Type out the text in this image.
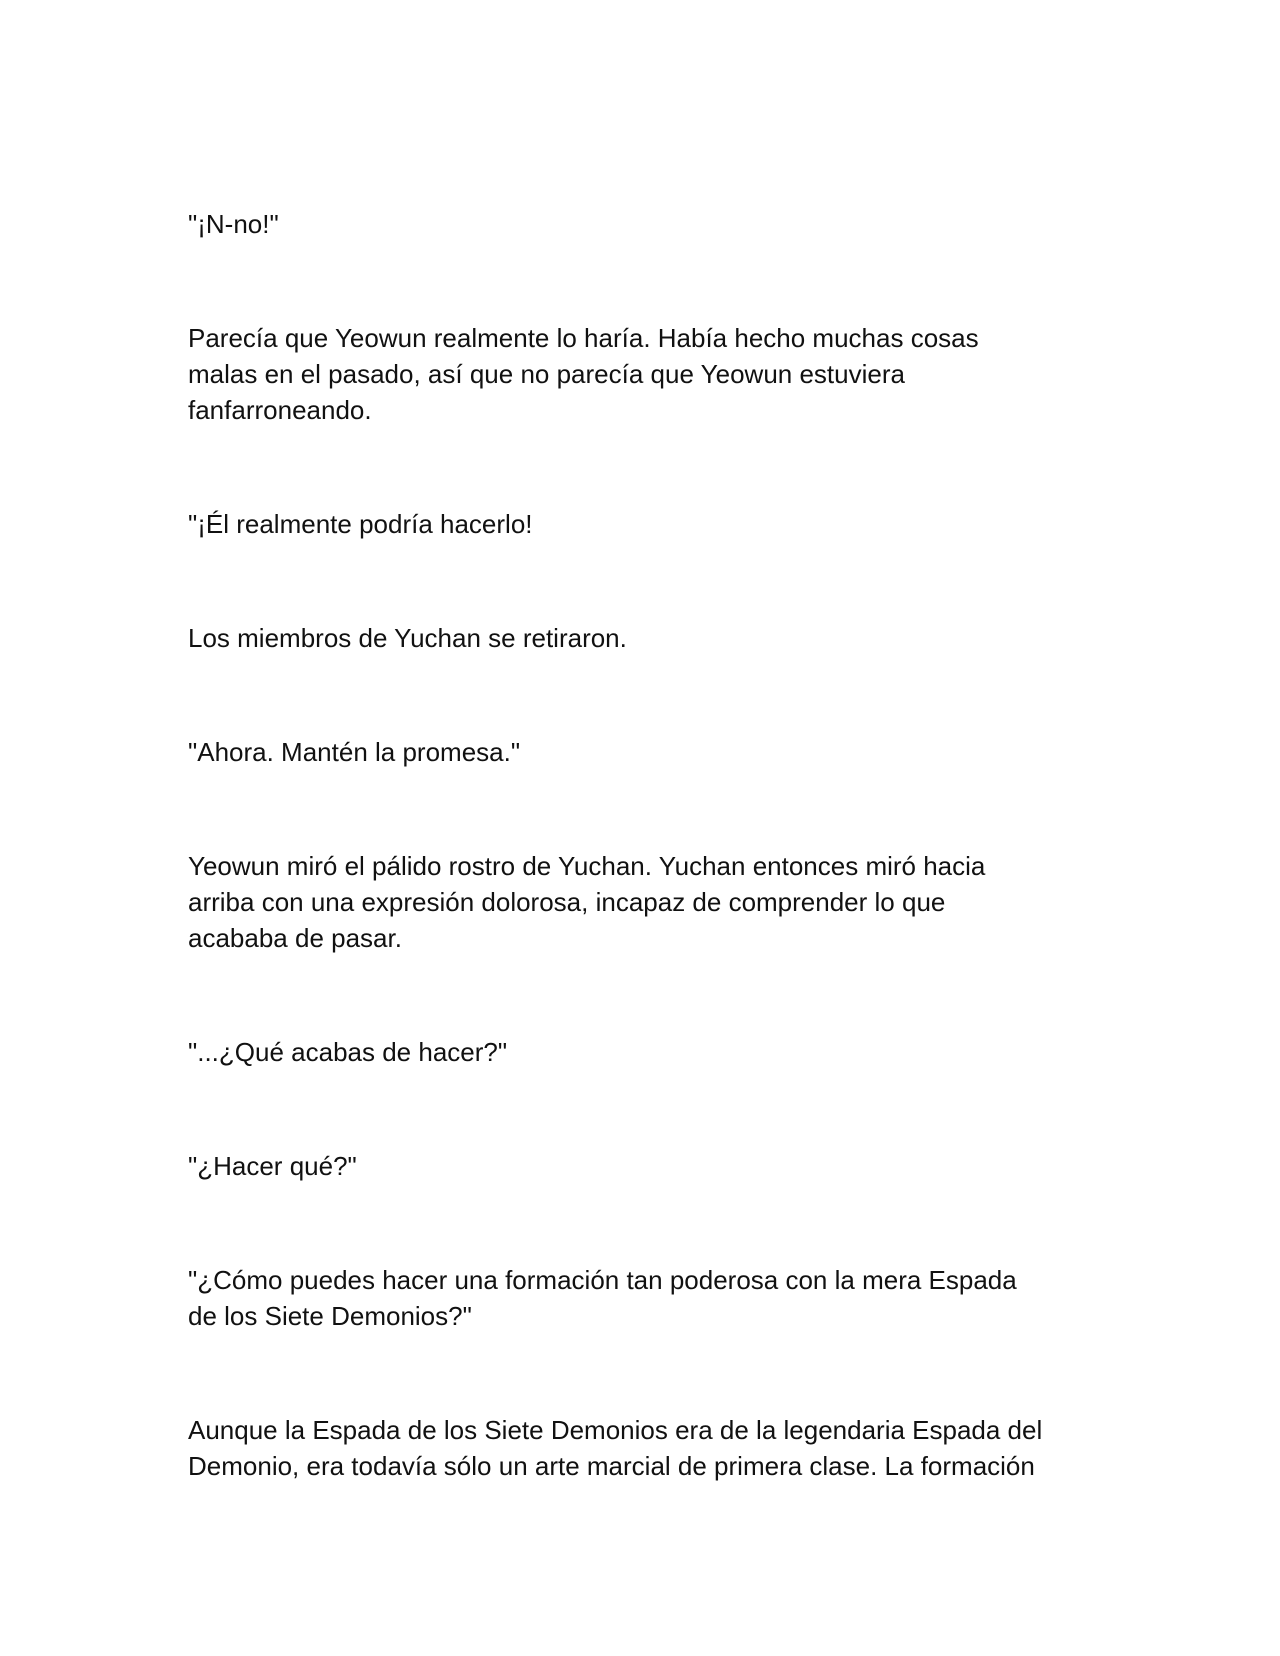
"¡N-no!"

Parecía que Yeowun realmente lo haría. Había hecho muchas cosas
malas en el pasado, así que no parecía que Yeowun estuviera
fanfarroneando.

"¡Él realmente podría hacerlo!

Los miembros de Yuchan se retiraron.

"Ahora. Mantén la promesa."

Yeowun miró el pálido rostro de Yuchan. Yuchan entonces miró hacia
arriba con una expresión dolorosa, incapaz de comprender lo que
acababa de pasar.

"...¿Qué acabas de hacer?"

"¿Hacer qué?"

"¿Cómo puedes hacer una formación tan poderosa con la mera Espada
de los Siete Demonios?"

Aunque la Espada de los Siete Demonios era de la legendaria Espada del
Demonio, era todavía sólo un arte marcial de primera clase. La formación
